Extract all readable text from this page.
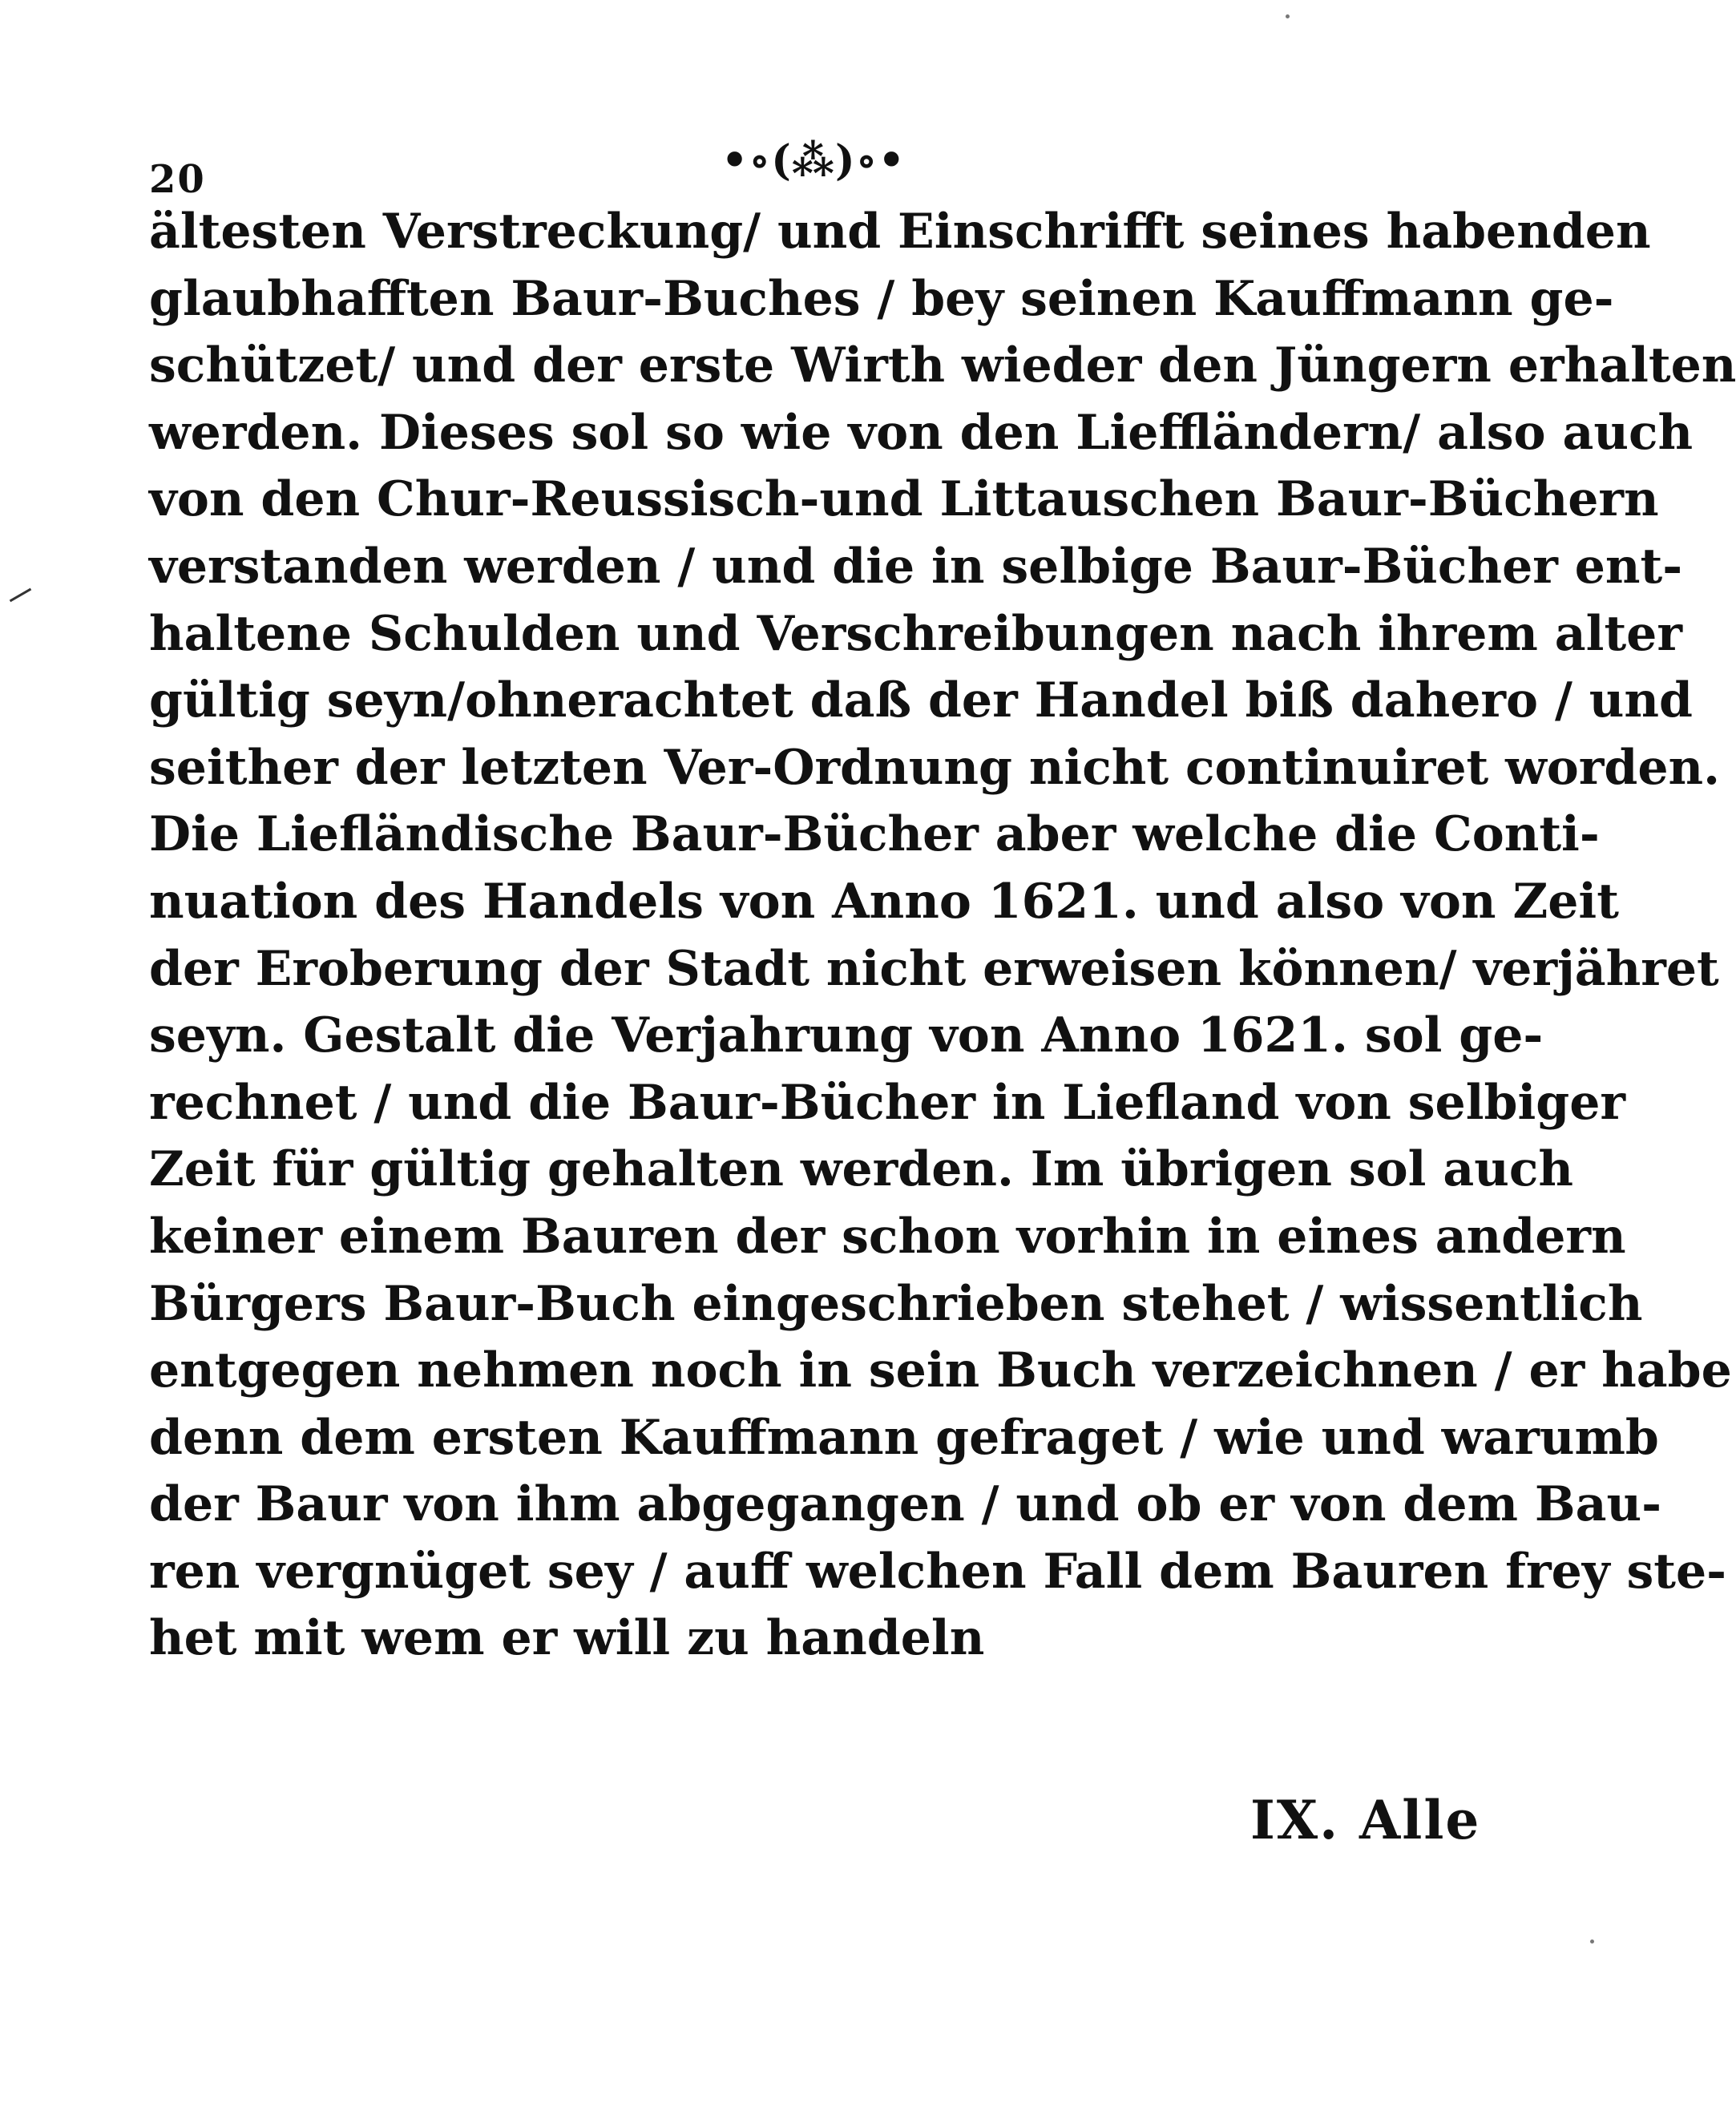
20	•∘(⁂)∘•
ältesten Verstreckung/ und Einschrifft seines habenden
glaubhafften Baur-Buches / bey seinen Kauffmann ge-
schützet/ und der erste Wirth wieder den Jüngern erhalten
werden. Dieses sol so wie von den Lieffländern/ also auch
von den Chur-Reussisch-und Littauschen Baur-Büchern
verstanden werden / und die in selbige Baur-Bücher ent-
haltene Schulden und Verschreibungen nach ihrem alter
gültig seyn/ohnerachtet daß der Handel biß dahero / und
seither der letzten Ver-Ordnung nicht continuiret worden.
Die Liefländische Baur-Bücher aber welche die Conti-
nuation des Handels von Anno 1621. und also von Zeit
der Eroberung der Stadt nicht erweisen können/ verjähret
seyn. Gestalt die Verjahrung von Anno 1621. sol ge-
rechnet / und die Baur-Bücher in Liefland von selbiger
Zeit für gültig gehalten werden. Im übrigen sol auch
keiner einem Bauren der schon vorhin in eines andern
Bürgers Baur-Buch eingeschrieben stehet / wissentlich
entgegen nehmen noch in sein Buch verzeichnen / er habe
denn dem ersten Kauffmann gefraget / wie und warumb
der Baur von ihm abgegangen / und ob er von dem Bau-
ren vergnüget sey / auff welchen Fall dem Bauren frey ste-
het mit wem er will zu handeln
IX. Alle
